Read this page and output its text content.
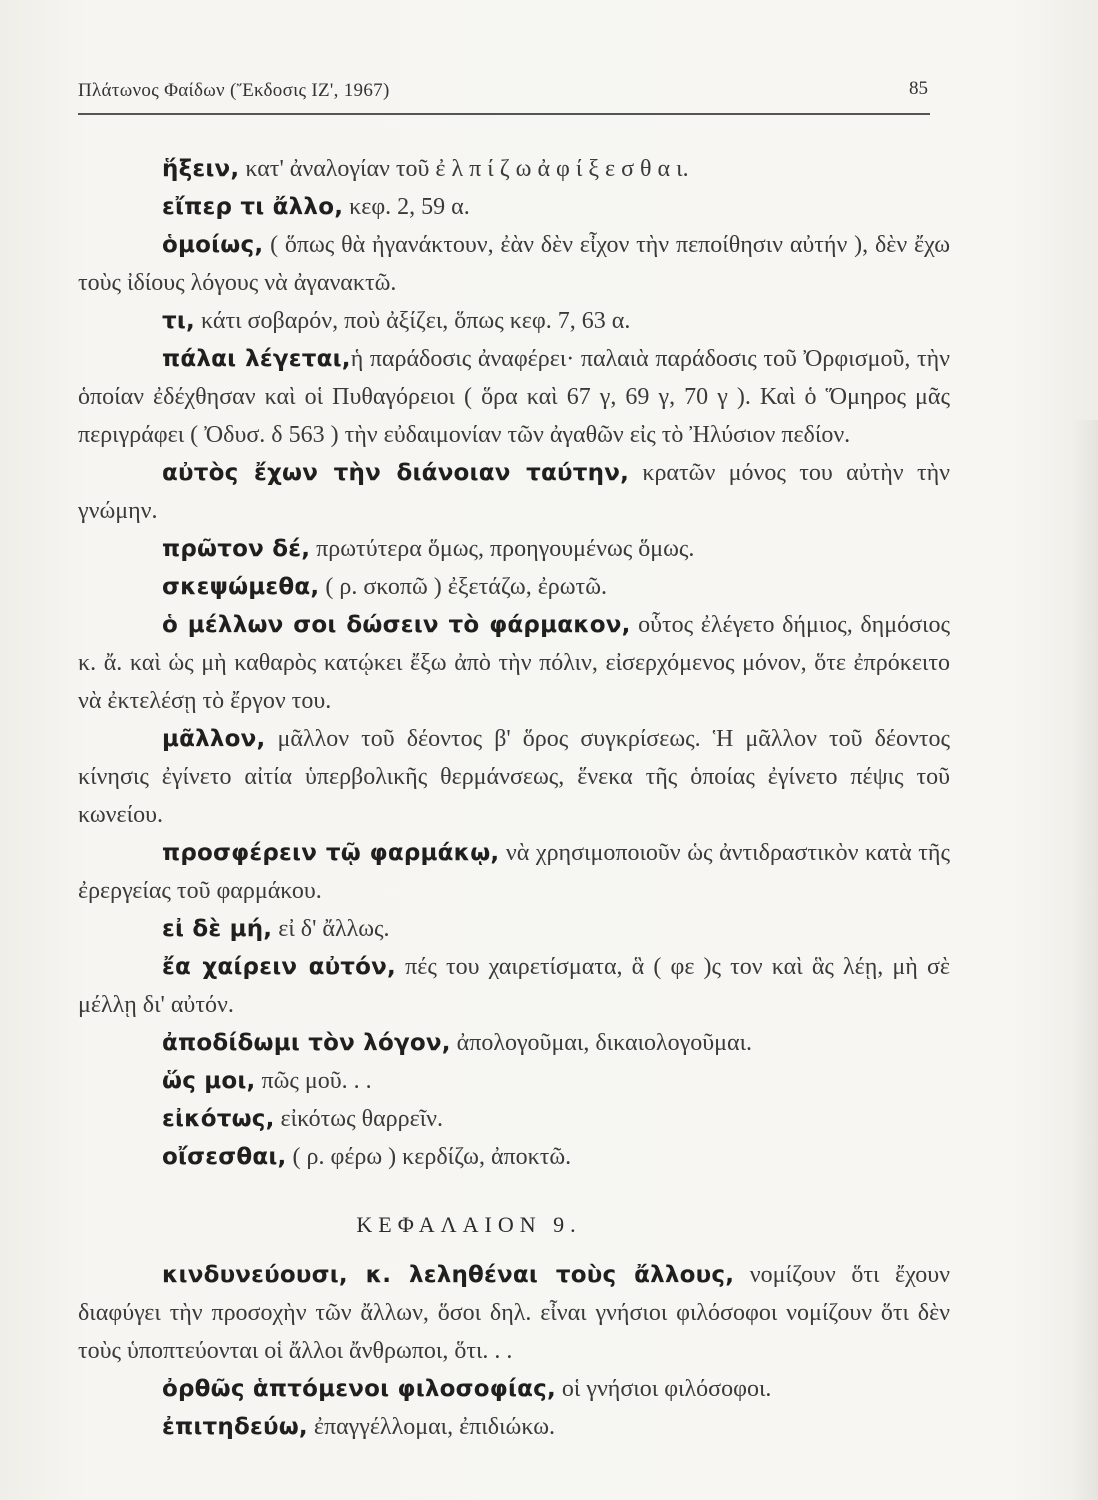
Πλάτωνος Φαίδων (Ἔκδοσις ΙΖ', 1967)	85

ἥξειν, κατ' ἀναλογίαν τοῦ ἐ λ π ί ζ ω ἀ φ ί ξ ε σ θ α ι.

εἴπερ τι ἄλλο, κεφ. 2, 59 α.

ὁμοίως, ( ὅπως θὰ ἠγανάκτουν, ἐὰν δὲν εἶχον τὴν πεποίθησιν αὐτήν ), δὲν ἔχω τοὺς ἰδίους λόγους νὰ ἀγανακτῶ.

τι, κάτι σοβαρόν, ποὺ ἀξίζει, ὅπως κεφ. 7, 63 α.

πάλαι λέγεται,ἡ παράδοσις ἀναφέρει· παλαιὰ παράδοσις τοῦ Ὀρφισμοῦ, τὴν ὁποίαν ἐδέχθησαν καὶ οἱ Πυθαγόρειοι ( ὅρα καὶ 67 γ, 69 γ, 70 γ ). Καὶ ὁ Ὅμηρος μᾶς περιγράφει ( Ὀδυσ. δ 563 ) τὴν εὐδαιμονίαν τῶν ἀγαθῶν εἰς τὸ Ἠλύσιον πεδίον.

αὐτὸς ἔχων τὴν διάνοιαν ταύτην, κρατῶν μόνος του αὐτὴν τὴν γνώμην.

πρῶτον δέ, πρωτύτερα ὅμως, προηγουμένως ὅμως.

σκεψώμεθα, ( ρ. σκοπῶ ) ἐξετάζω, ἐρωτῶ.

ὁ μέλλων σοι δώσειν τὸ φάρμακον, οὗτος ἐλέγετο δήμιος, δημόσιος κ. ἄ. καὶ ὡς μὴ καθαρὸς κατῴκει ἔξω ἀπὸ τὴν πόλιν, εἰσερχόμενος μόνον, ὅτε ἐπρόκειτο νὰ ἐκτελέσῃ τὸ ἔργον του.

μᾶλλον, μᾶλλον τοῦ δέοντος β' ὅρος συγκρίσεως. Ἡ μᾶλλον τοῦ δέοντος κίνησις ἐγίνετο αἰτία ὑπερβολικῆς θερμάνσεως, ἕνεκα τῆς ὁποίας ἐγίνετο πέψις τοῦ κωνείου.

προσφέρειν τῷ φαρμάκῳ, νὰ χρησιμοποιοῦν ὡς ἀντιδραστικὸν κατὰ τῆς ἐρεργείας τοῦ φαρμάκου.

εἰ δὲ μή, εἰ δ' ἄλλως.

ἔα χαίρειν αὐτόν, πές του χαιρετίσματα, ἃ ( φε )ς τον καὶ ἃς λέῃ, μὴ σὲ μέλλῃ δι' αὐτόν.

ἀποδίδωμι τὸν λόγον, ἀπολογοῦμαι, δικαιολογοῦμαι.

ὥς μοι, πῶς μοῦ. . .

εἰκότως, εἰκότως θαρρεῖν.

οἴσεσθαι, ( ρ. φέρω ) κερδίζω, ἀποκτῶ.

ΚΕΦΑΛΑΙΟΝ 9.

κινδυνεύουσι, κ. λεληθέναι τοὺς ἄλλους, νομίζουν ὅτι ἔχουν διαφύγει τὴν προσοχὴν τῶν ἄλλων, ὅσοι δηλ. εἶναι γνήσιοι φιλόσοφοι νομίζουν ὅτι δὲν τοὺς ὑποπτεύονται οἱ ἄλλοι ἄνθρωποι, ὅτι. . .

ὀρθῶς ἁπτόμενοι φιλοσοφίας, οἱ γνήσιοι φιλόσοφοι.

ἐπιτηδεύω, ἐπαγγέλλομαι, ἐπιδιώκω.
